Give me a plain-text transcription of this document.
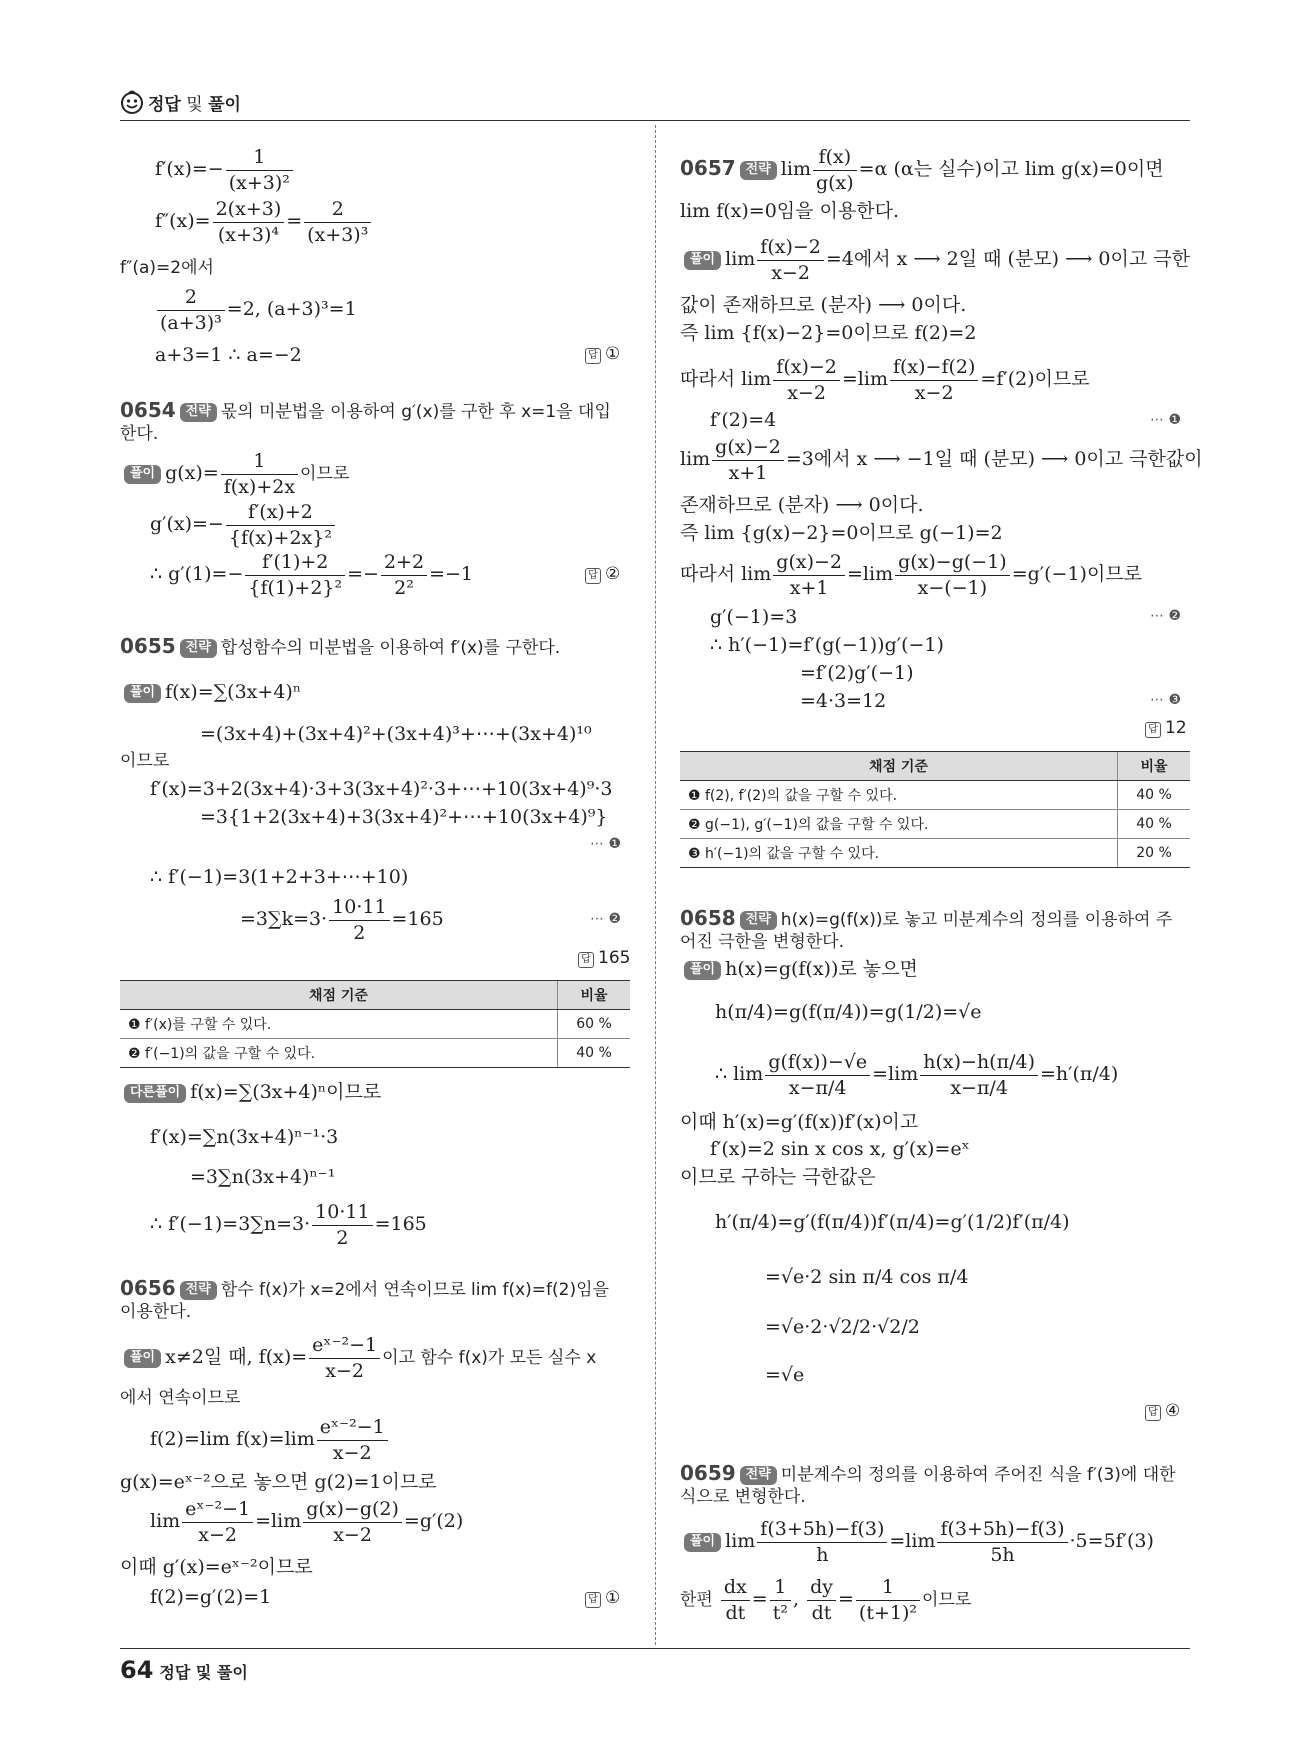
정답 및 풀이
$f'(x)=- \frac{1}{\text{(x+3)²}}$
$f''(x)= \frac{2(x+3)}{\text{(x+3)⁴}} = \frac{2}{\text{(x+3)³}}$
f″(a)=2에서
$\frac{2}{\text{(a+3)³}} =2$, (a+3)³=1
a+3=1 ∴ a=−2	답 ①
0654 전략 몫의 미분법을 이용하여 g′(x)를 구한 후 x=1을 대입
한다.
풀이 $g(x)= \frac{1}{f(x)+2x}$ 이므로
$g'(x)=- \frac{f'(x)+2}{\text{\{f(x)+2x\}²}}$
∴ $g'(1)=- \frac{f'(1)+2}{\text{\{f(1)+2\}²}} =- \frac{2+2}{\text{2²}} =-1$	답 ②
0655 전략 합성함수의 미분법을 이용하여 f′(x)를 구한다.
풀이 f(x)=∑(3x+4)ⁿ
=(3x+4)+(3x+4)²+(3x+4)³+⋯+(3x+4)¹⁰
이므로
f′(x)=3+2(3x+4)·3+3(3x+4)²·3+⋯+10(3x+4)⁹·3
=3{1+2(3x+4)+3(3x+4)²+⋯+10(3x+4)⁹}
⋯ ❶
∴ f′(−1)=3(1+2+3+⋯+10)
$=3\sum k=3\cdot \frac{10\cdot 11}{2} =165$	⋯ ❷
답 165
채점 기준	비율
❶ f′(x)를 구할 수 있다.	60 %
❷ f′(−1)의 값을 구할 수 있다.	40 %
다른풀이 f(x)=∑(3x+4)ⁿ이므로
f′(x)=∑n(3x+4)ⁿ⁻¹·3
=3∑n(3x+4)ⁿ⁻¹
∴ $f'(-1)=3\sum n=3\cdot \frac{10\cdot 11}{2} =165$
0656 전략 함수 f(x)가 x=2에서 연속이므로 lim f(x)=f(2)임을
이용한다.
풀이 x≠2일 때, $f(x)= \frac{\text{eˣ⁻²−1}}{x-2}$ 이고 함수 f(x)가 모든 실수 x
에서 연속이므로
f(2)=lim $f(x)=\lim \frac{\text{eˣ⁻²−1}}{x-2}$
g(x)=eˣ⁻²으로 놓으면 g(2)=1이므로
$\lim \frac{\text{eˣ⁻²−1}}{x-2} =\lim \frac{g(x)-g(2)}{x-2} =g'(2)$
이때 g′(x)=eˣ⁻²이므로
f(2)=g′(2)=1	답 ①
0657 전략 $\lim \frac{f(x)}{g(x)} =\alpha$ (α는 실수)이고 lim g(x)=0이면
lim f(x)=0임을 이용한다.
풀이 $\lim \frac{f(x)-2}{x-2} =4$에서 x ⟶ 2일 때 (분모) ⟶ 0이고 극한
값이 존재하므로 (분자) ⟶ 0이다.
즉 lim {f(x)−2}=0이므로 f(2)=2
따라서 $\lim \frac{f(x)-2}{x-2} =\lim \frac{f(x)-f(2)}{x-2} =f'(2)$이므로
f′(2)=4	⋯ ❶
$\lim \frac{g(x)-2}{x+1} =3$에서 x ⟶ −1일 때 (분모) ⟶ 0이고 극한값이
존재하므로 (분자) ⟶ 0이다.
즉 lim {g(x)−2}=0이므로 g(−1)=2
따라서 $\lim \frac{g(x)-2}{x+1} =\lim \frac{g(x)-g(-1)}{x-(-1)} =g'(-1)$이므로
g′(−1)=3	⋯ ❷
∴ h′(−1)=f′(g(−1))g′(−1)
=f′(2)g′(−1)
=4·3=12	⋯ ❸
답 12
채점 기준	비율
❶ f(2), f′(2)의 값을 구할 수 있다.	40 %
❷ g(−1), g′(−1)의 값을 구할 수 있다.	40 %
❸ h′(−1)의 값을 구할 수 있다.	20 %
0658 전략 h(x)=g(f(x))로 놓고 미분계수의 정의를 이용하여 주
어진 극한을 변형한다.
풀이 h(x)=g(f(x))로 놓으면
h(π/4)=g(f(π/4))=g(1/2)=√e
∴ $\lim \frac{g(f(x))-√e}{x-\pi/4} =\lim \frac{h(x)-h(\pi/4)}{x-\pi/4} =h'(\pi/4)$
이때 h′(x)=g′(f(x))f′(x)이고
f′(x)=2 sin x cos x, g′(x)=eˣ
이므로 구하는 극한값은
h′(π/4)=g′(f(π/4))f′(π/4)=g′(1/2)f′(π/4)
=√e·2 sin π/4 cos π/4
=√e·2·√2/2·√2/2
=√e
답 ④
0659 전략 미분계수의 정의를 이용하여 주어진 식을 f′(3)에 대한
식으로 변형한다.
풀이 $\lim \frac{f(3+5h)-f(3)}{h} =\lim \frac{f(3+5h)-f(3)}{5h} \cdot 5=5f'(3)$
한편 $\frac{dx}{dt} = \frac{1}{\text{t²}}$ , $\frac{dy}{dt} = \frac{1}{\text{(t+1)²}}$ 이므로
64 정답 및 풀이
